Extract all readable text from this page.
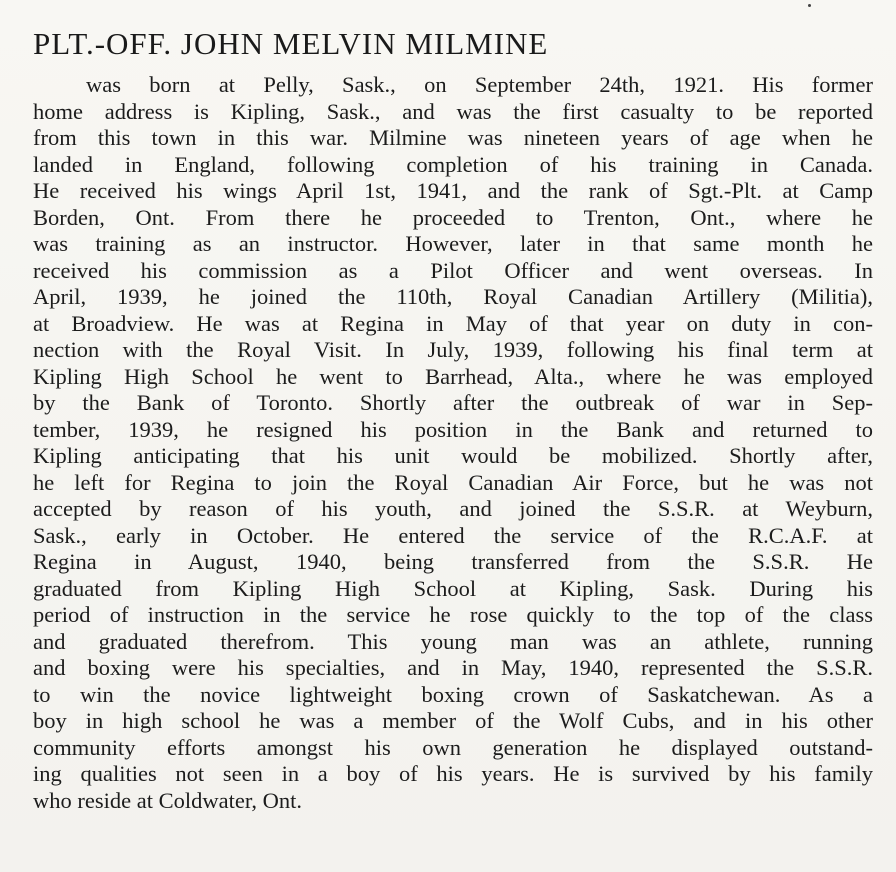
PLT.-OFF. JOHN MELVIN MILMINE
was born at Pelly, Sask., on September 24th, 1921. His former
home address is Kipling, Sask., and was the first casualty to be reported
from this town in this war. Milmine was nineteen years of age when he
landed in England, following completion of his training in Canada.
He received his wings April 1st, 1941, and the rank of Sgt.-Plt. at Camp
Borden, Ont. From there he proceeded to Trenton, Ont., where he
was training as an instructor. However, later in that same month he
received his commission as a Pilot Officer and went overseas. In
April, 1939, he joined the 110th, Royal Canadian Artillery (Militia),
at Broadview. He was at Regina in May of that year on duty in con-
nection with the Royal Visit. In July, 1939, following his final term at
Kipling High School he went to Barrhead, Alta., where he was employed
by the Bank of Toronto. Shortly after the outbreak of war in Sep-
tember, 1939, he resigned his position in the Bank and returned to
Kipling anticipating that his unit would be mobilized. Shortly after,
he left for Regina to join the Royal Canadian Air Force, but he was not
accepted by reason of his youth, and joined the S.S.R. at Weyburn,
Sask., early in October. He entered the service of the R.C.A.F. at
Regina in August, 1940, being transferred from the S.S.R. He
graduated from Kipling High School at Kipling, Sask. During his
period of instruction in the service he rose quickly to the top of the class
and graduated therefrom. This young man was an athlete, running
and boxing were his specialties, and in May, 1940, represented the S.S.R.
to win the novice lightweight boxing crown of Saskatchewan. As a
boy in high school he was a member of the Wolf Cubs, and in his other
community efforts amongst his own generation he displayed outstand-
ing qualities not seen in a boy of his years. He is survived by his family
who reside at Coldwater, Ont.
